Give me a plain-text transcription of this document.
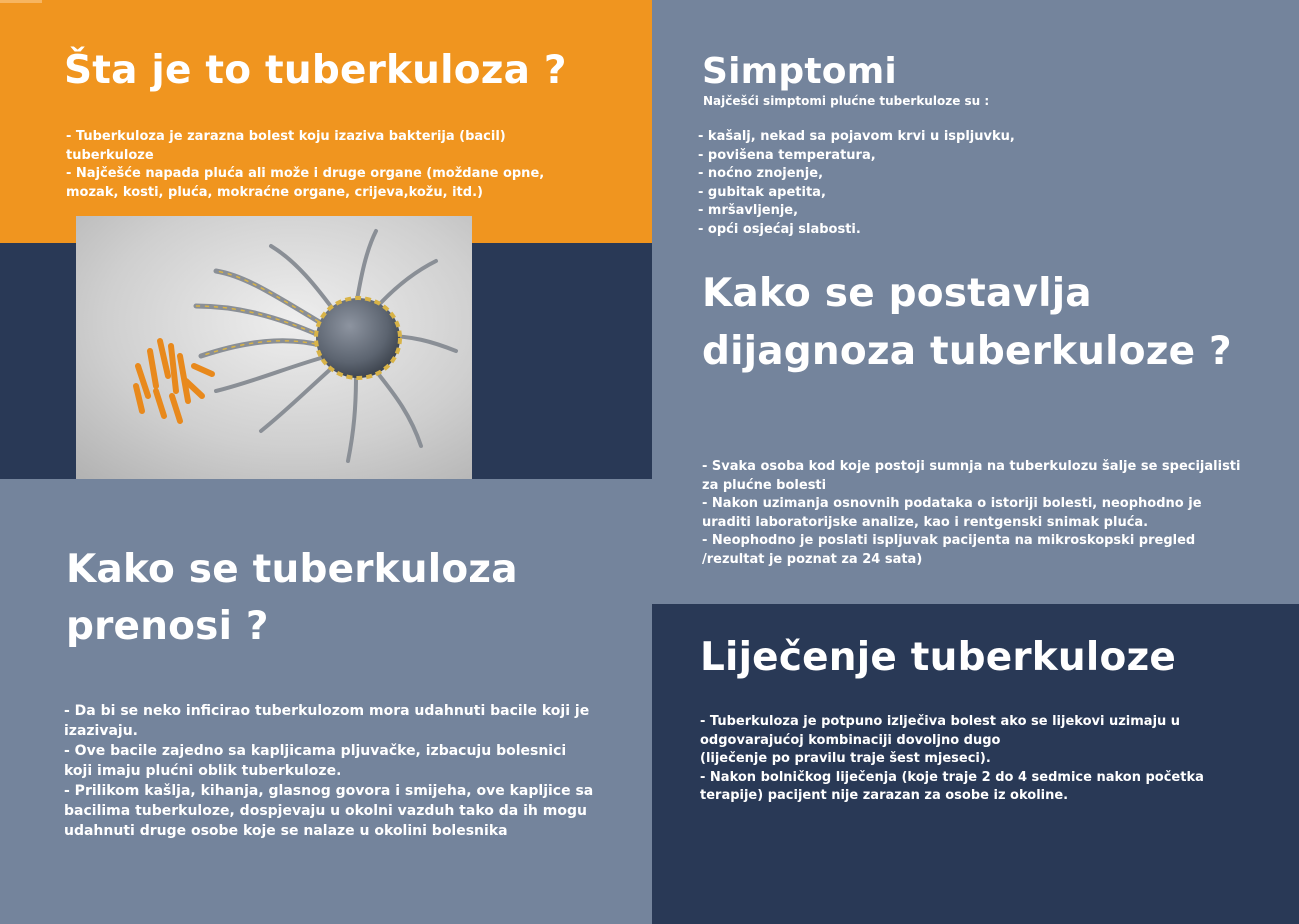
Šta je to tuberkuloza ?

- Tuberkuloza je zarazna bolest koju izaziva bakterija (bacil)
tuberkuloze
- Najčešće napada pluća ali može i druge organe (moždane opne,
mozak, kosti, pluća, mokraćne organe, crijeva,kožu, itd.)

Simptomi

Najčešći simptomi plućne tuberkuloze su :

- kašalj, nekad sa pojavom krvi u ispljuvku,
- povišena temperatura,
- noćno znojenje,
- gubitak apetita,
- mršavljenje,
- opći osjećaj slabosti.

Kako se postavlja dijagnoza tuberkuloze ?

- Svaka osoba kod koje postoji sumnja na tuberkulozu šalje se specijalisti
za plućne bolesti
- Nakon uzimanja osnovnih podataka o istoriji bolesti, neophodno je
uraditi laboratorijske analize, kao i rentgenski snimak pluća.
- Neophodno je poslati ispljuvak pacijenta na mikroskopski pregled
/rezultat je poznat za 24 sata)

Kako se tuberkuloza prenosi ?

- Da bi se neko inficirao tuberkulozom mora udahnuti bacile koji je
izazivaju.
- Ove bacile zajedno sa kapljicama pljuvačke, izbacuju bolesnici
koji imaju plućni oblik tuberkuloze.
- Prilikom kašlja, kihanja, glasnog govora i smijeha, ove kapljice sa
bacilima tuberkuloze, dospjevaju u okolni vazduh tako da ih mogu
udahnuti druge osobe koje se nalaze u okolini bolesnika

Liječenje tuberkuloze

- Tuberkuloza je potpuno izlječiva bolest ako se lijekovi uzimaju u
odgovarajućoj kombinaciji dovoljno dugo
(liječenje po pravilu traje šest mjeseci).
- Nakon bolničkog liječenja (koje traje 2 do 4 sedmice nakon početka
terapije) pacijent nije zarazan za osobe iz okoline.
